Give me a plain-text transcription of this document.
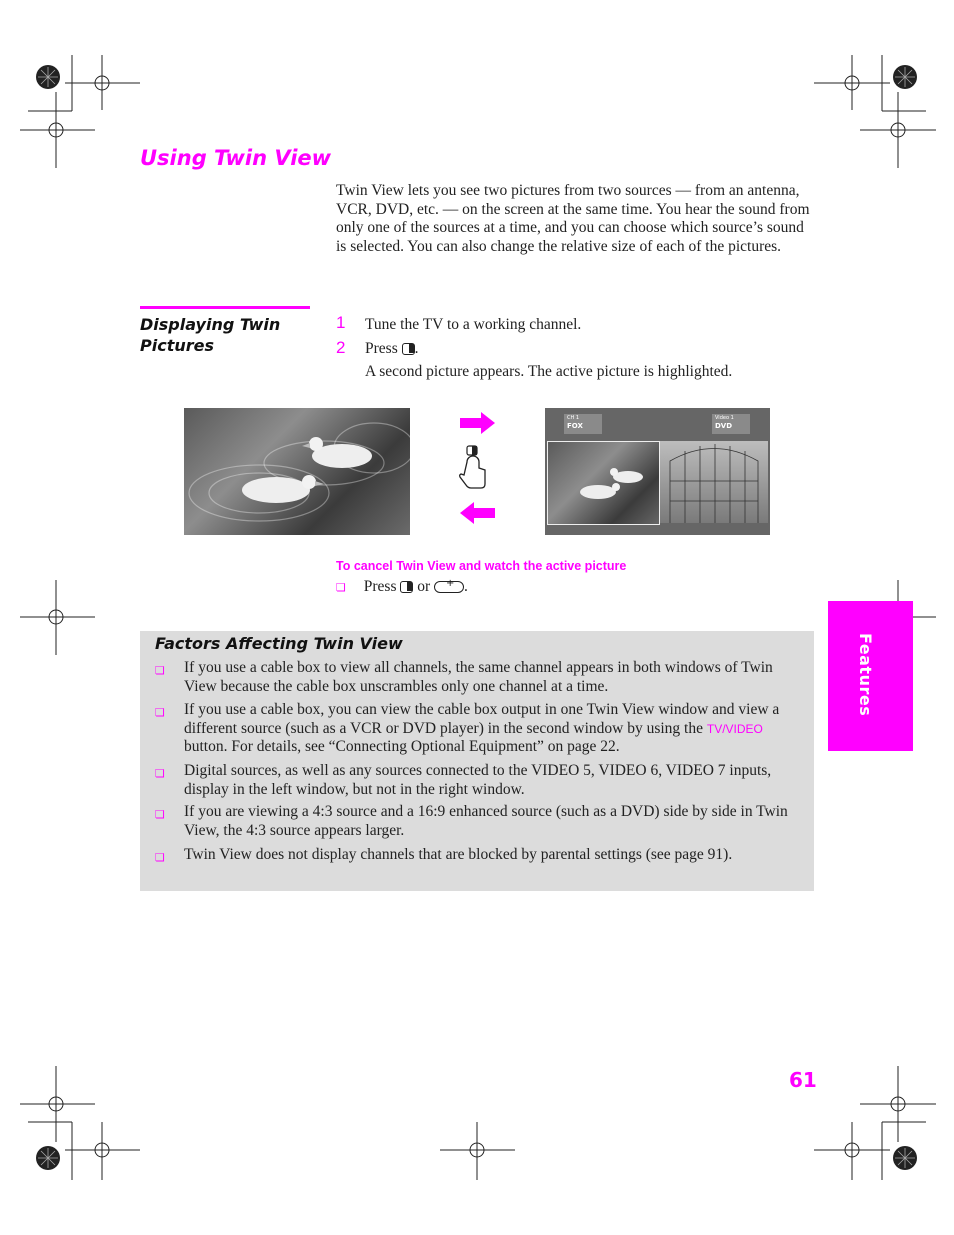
Using Twin View
Twin View lets you see two pictures from two sources — from an antenna, VCR, DVD, etc. — on the screen at the same time. You hear the sound from only one of the sources at a time, and you can choose which source’s sound is selected. You can also change the relative size of each of the pictures.
Displaying Twin
Pictures
1	Tune the TV to a working channel.
2	Press .
A second picture appears. The active picture is highlighted.
CH 1
FOX
Video 1
DVD
To cancel Twin View and watch the active picture
❏ Press or + .
Factors Affecting Twin View
❏ If you use a cable box to view all channels, the same channel appears in both windows of Twin View because the cable box unscrambles only one channel at a time.
❏ If you use a cable box, you can view the cable box output in one Twin View window and view a different source (such as a VCR or DVD player) in the second window by using the TV/VIDEO button. For details, see “Connecting Optional Equipment” on page 22.
❏ Digital sources, as well as any sources connected to the VIDEO 5, VIDEO 6, VIDEO 7 inputs, display in the left window, but not in the right window.
❏ If you are viewing a 4:3 source and a 16:9 enhanced source (such as a DVD) side by side in Twin View, the 4:3 source appears larger.
❏ Twin View does not display channels that are blocked by parental settings (see page 91).
Features
61
